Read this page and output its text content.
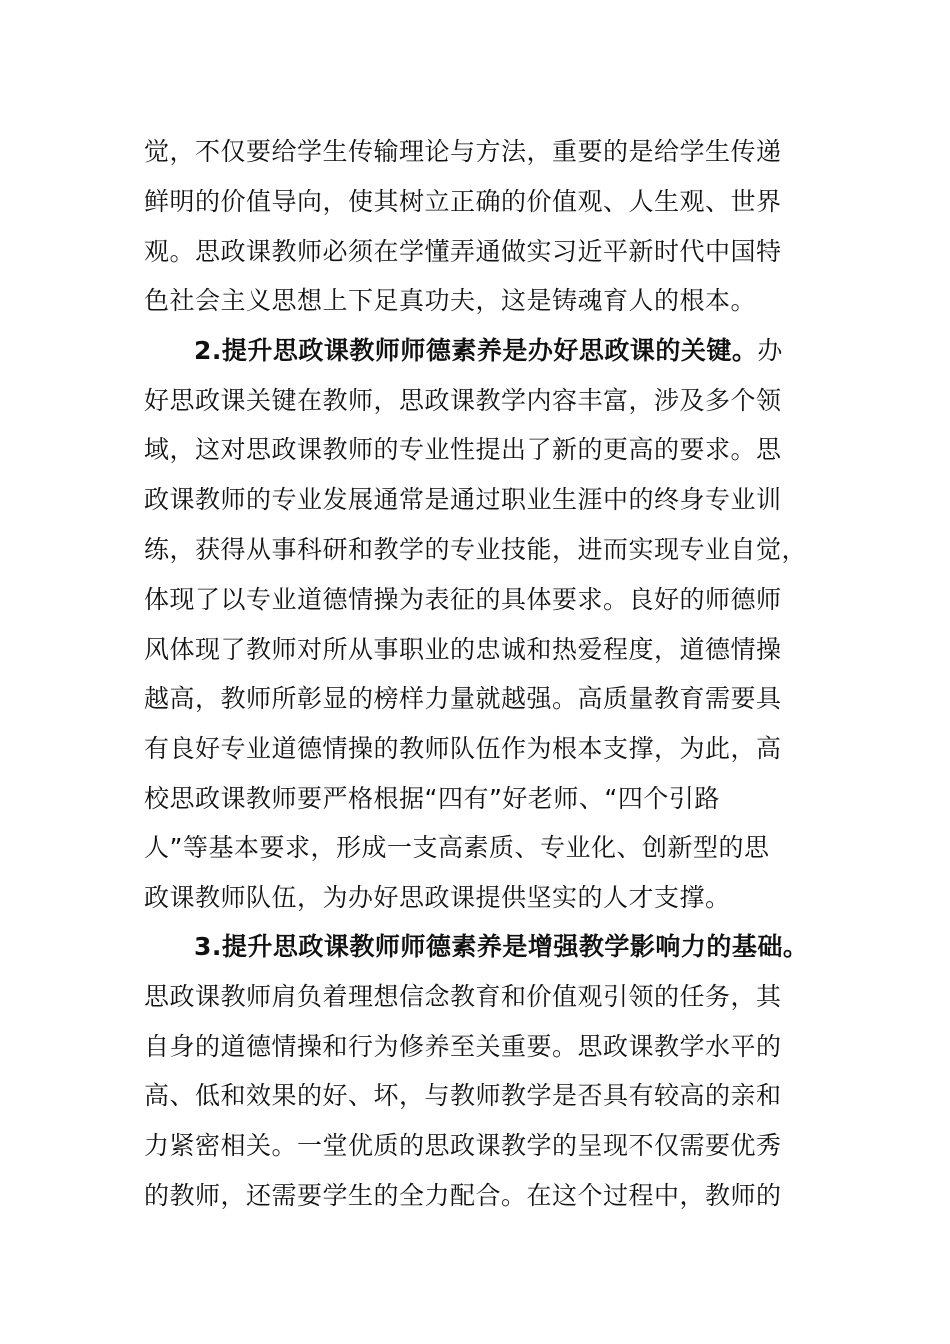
觉，不仅要给学生传输理论与方法，重要的是给学生传递
鲜明的价值导向，使其树立正确的价值观、人生观、世界
观。思政课教师必须在学懂弄通做实习近平新时代中国特
色社会主义思想上下足真功夫，这是铸魂育人的根本。
2.提升思政课教师师德素养是办好思政课的关键。办
好思政课关键在教师，思政课教学内容丰富，涉及多个领
域，这对思政课教师的专业性提出了新的更高的要求。思
政课教师的专业发展通常是通过职业生涯中的终身专业训
练，获得从事科研和教学的专业技能，进而实现专业自觉，
体现了以专业道德情操为表征的具体要求。良好的师德师
风体现了教师对所从事职业的忠诚和热爱程度，道德情操
越高，教师所彰显的榜样力量就越强。高质量教育需要具
有良好专业道德情操的教师队伍作为根本支撑，为此，高
校思政课教师要严格根据“四有”好老师、“四个引路
人”等基本要求，形成一支高素质、专业化、创新型的思
政课教师队伍，为办好思政课提供坚实的人才支撑。
3.提升思政课教师师德素养是增强教学影响力的基础。
思政课教师肩负着理想信念教育和价值观引领的任务，其
自身的道德情操和行为修养至关重要。思政课教学水平的
高、低和效果的好、坏，与教师教学是否具有较高的亲和
力紧密相关。一堂优质的思政课教学的呈现不仅需要优秀
的教师，还需要学生的全力配合。在这个过程中，教师的
